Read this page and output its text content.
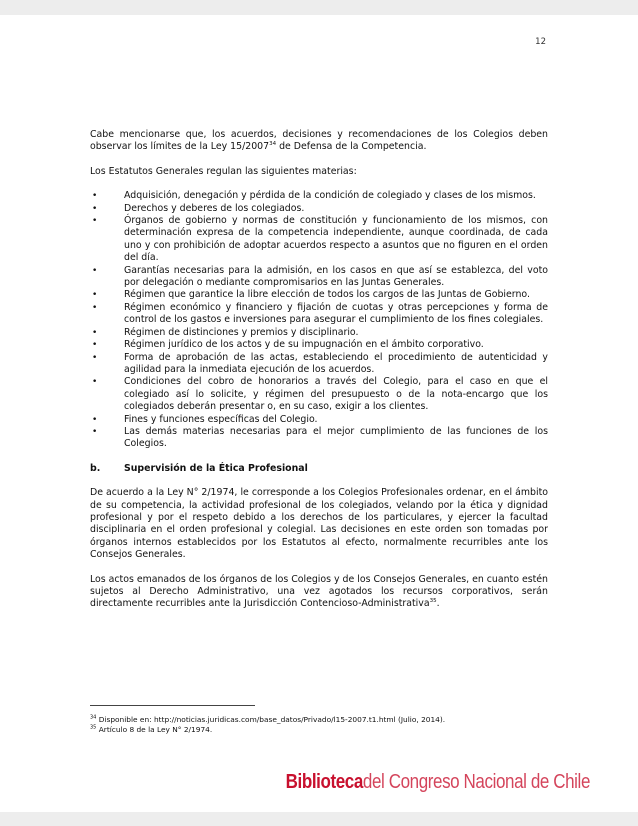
12

Cabe mencionarse que, los acuerdos, decisiones y recomendaciones de los Colegios deben observar los límites de la Ley 15/2007$^{34}$ de Defensa de la Competencia.

Los Estatutos Generales regulan las siguientes materias:

• Adquisición, denegación y pérdida de la condición de colegiado y clases de los mismos.
• Derechos y deberes de los colegiados.
• Órganos de gobierno y normas de constitución y funcionamiento de los mismos, con determinación expresa de la competencia independiente, aunque coordinada, de cada uno y con prohibición de adoptar acuerdos respecto a asuntos que no figuren en el orden del día.
• Garantías necesarias para la admisión, en los casos en que así se establezca, del voto por delegación o mediante compromisarios en las Juntas Generales.
• Régimen que garantice la libre elección de todos los cargos de las Juntas de Gobierno.
• Régimen económico y financiero y fijación de cuotas y otras percepciones y forma de control de los gastos e inversiones para asegurar el cumplimiento de los fines colegiales.
• Régimen de distinciones y premios y disciplinario.
• Régimen jurídico de los actos y de su impugnación en el ámbito corporativo.
• Forma de aprobación de las actas, estableciendo el procedimiento de autenticidad y agilidad para la inmediata ejecución de los acuerdos.
• Condiciones del cobro de honorarios a través del Colegio, para el caso en que el colegiado así lo solicite, y régimen del presupuesto o de la nota-encargo que los colegiados deberán presentar o, en su caso, exigir a los clientes.
• Fines y funciones específicas del Colegio.
• Las demás materias necesarias para el mejor cumplimiento de las funciones de los Colegios.
b.	Supervisión de la Ética Profesional

De acuerdo a la Ley N° 2/1974, le corresponde a los Colegios Profesionales ordenar, en el ámbito de su competencia, la actividad profesional de los colegiados, velando por la ética y dignidad profesional y por el respeto debido a los derechos de los particulares, y ejercer la facultad disciplinaria en el orden profesional y colegial. Las decisiones en este orden son tomadas por órganos internos establecidos por los Estatutos al efecto, normalmente recurribles ante los Consejos Generales.

Los actos emanados de los órganos de los Colegios y de los Consejos Generales, en cuanto estén sujetos al Derecho Administrativo, una vez agotados los recursos corporativos, serán directamente recurribles ante la Jurisdicción Contencioso-Administrativa$^{35}$.

$^{34}$ Disponible en: http://noticias.juridicas.com/base_datos/Privado/l15-2007.t1.html (Julio, 2014).
$^{35}$ Artículo 8 de la Ley N° 2/1974.
Biblioteca del Congreso Nacional de Chile
